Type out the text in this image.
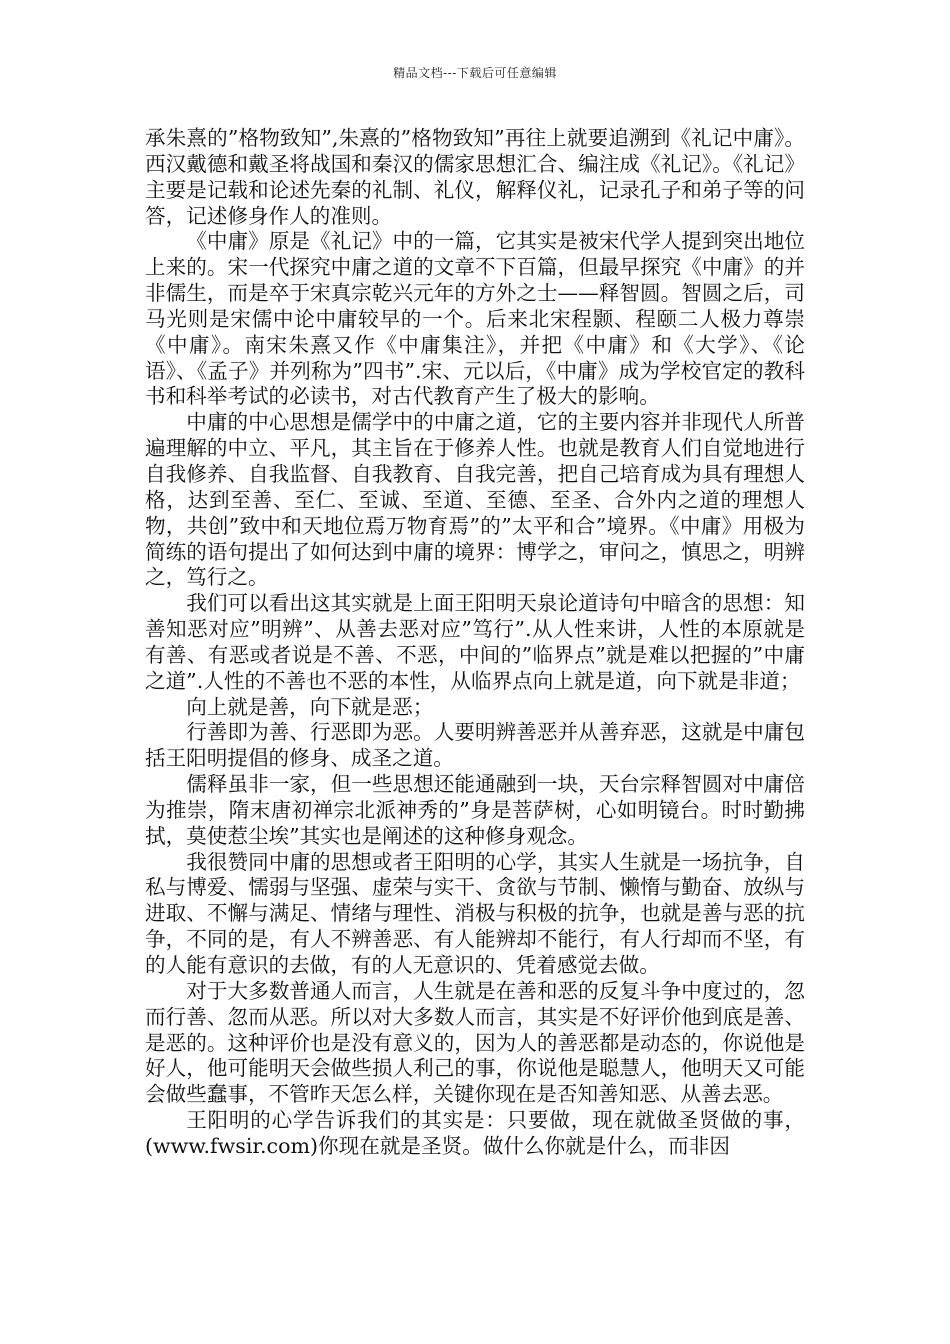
精品文档---下载后可任意编辑

承朱熹的”格物致知”,朱熹的”格物致知”再往上就要追溯到《礼记中庸》。西汉戴德和戴圣将战国和秦汉的儒家思想汇合、编注成《礼记》。《礼记》主要是记载和论述先秦的礼制、礼仪，解释仪礼，记录孔子和弟子等的问答，记述修身作人的准则。

《中庸》原是《礼记》中的一篇，它其实是被宋代学人提到突出地位上来的。宋一代探究中庸之道的文章不下百篇，但最早探究《中庸》的并非儒生，而是卒于宋真宗乾兴元年的方外之士——释智圆。智圆之后，司马光则是宋儒中论中庸较早的一个。后来北宋程颢、程颐二人极力尊崇《中庸》。南宋朱熹又作《中庸集注》，并把《中庸》和《大学》、《论语》、《孟子》并列称为”四书”.宋、元以后，《中庸》成为学校官定的教科书和科举考试的必读书，对古代教育产生了极大的影响。

中庸的中心思想是儒学中的中庸之道，它的主要内容并非现代人所普遍理解的中立、平凡，其主旨在于修养人性。也就是教育人们自觉地进行自我修养、自我监督、自我教育、自我完善，把自己培育成为具有理想人格，达到至善、至仁、至诚、至道、至德、至圣、合外内之道的理想人物，共创”致中和天地位焉万物育焉”的”太平和合”境界。《中庸》用极为简练的语句提出了如何达到中庸的境界：博学之，审问之，慎思之，明辨之，笃行之。

我们可以看出这其实就是上面王阳明天泉论道诗句中暗含的思想：知善知恶对应”明辨”、从善去恶对应”笃行”.从人性来讲，人性的本原就是有善、有恶或者说是不善、不恶，中间的”临界点”就是难以把握的”中庸之道”.人性的不善也不恶的本性，从临界点向上就是道，向下就是非道；

向上就是善，向下就是恶；

行善即为善、行恶即为恶。人要明辨善恶并从善弃恶，这就是中庸包括王阳明提倡的修身、成圣之道。

儒释虽非一家，但一些思想还能通融到一块，天台宗释智圆对中庸倍为推崇，隋末唐初禅宗北派神秀的”身是菩萨树，心如明镜台。时时勤拂拭，莫使惹尘埃”其实也是阐述的这种修身观念。

我很赞同中庸的思想或者王阳明的心学，其实人生就是一场抗争，自私与博爱、懦弱与坚强、虚荣与实干、贪欲与节制、懒惰与勤奋、放纵与进取、不懈与满足、情绪与理性、消极与积极的抗争，也就是善与恶的抗争，不同的是，有人不辨善恶、有人能辨却不能行，有人行却而不坚，有的人能有意识的去做，有的人无意识的、凭着感觉去做。

对于大多数普通人而言，人生就是在善和恶的反复斗争中度过的，忽而行善、忽而从恶。所以对大多数人而言，其实是不好评价他到底是善、是恶的。这种评价也是没有意义的，因为人的善恶都是动态的，你说他是好人，他可能明天会做些损人利己的事，你说他是聪慧人，他明天又可能会做些蠢事，不管昨天怎么样，关键你现在是否知善知恶、从善去恶。

王阳明的心学告诉我们的其实是：只要做，现在就做圣贤做的事，(www.fwsir.com)你现在就是圣贤。做什么你就是什么，而非因
